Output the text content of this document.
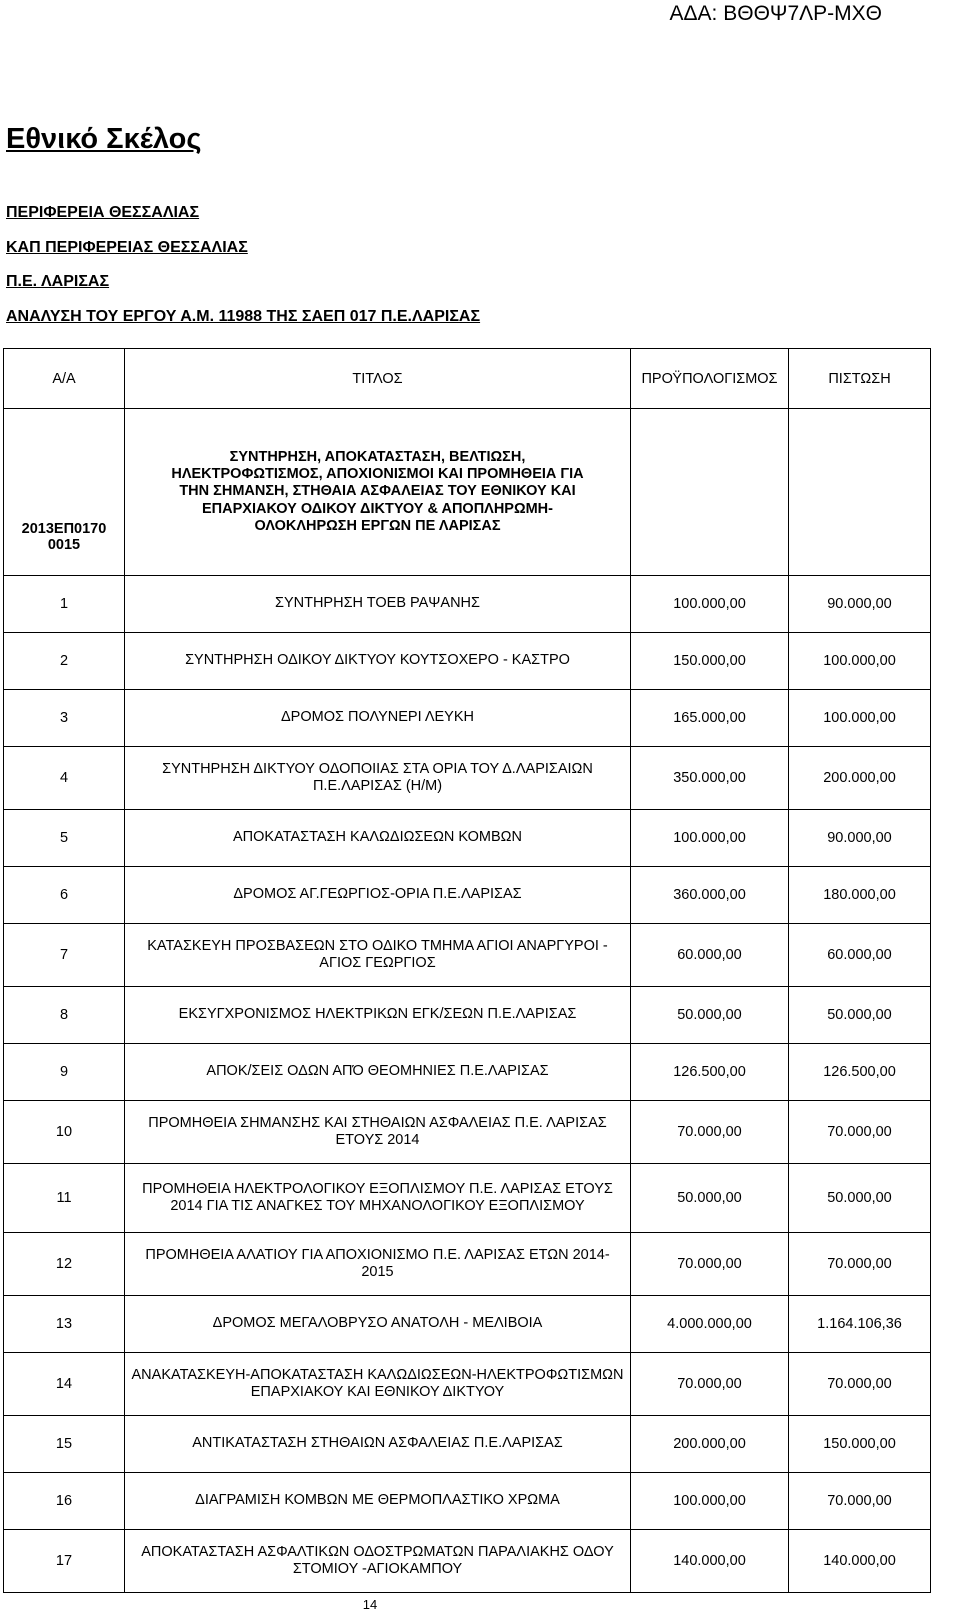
ΑΔΑ: ΒΘΘΨ7ΛΡ-ΜΧΘ
Εθνικό Σκέλος

ΠΕΡΙΦΕΡΕΙΑ ΘΕΣΣΑΛΙΑΣ

ΚΑΠ ΠΕΡΙΦΕΡΕΙΑΣ ΘΕΣΣΑΛΙΑΣ

Π.Ε. ΛΑΡΙΣΑΣ

ΑΝΑΛΥΣΗ ΤΟΥ ΕΡΓΟΥ Α.Μ. 11988 ΤΗΣ ΣΑΕΠ 017 Π.Ε.ΛΑΡΙΣΑΣ

Α/Α	ΤΙΤΛΟΣ	ΠΡΟΫΠΟΛΟΓΙΣΜΟΣ	ΠΙΣΤΩΣΗ
2013ΕΠ0170 0015	ΣΥΝΤΗΡΗΣΗ, ΑΠΟΚΑΤΑΣΤΑΣΗ, ΒΕΛΤΙΩΣΗ, ΗΛΕΚΤΡΟΦΩΤΙΣΜΟΣ, ΑΠΟΧΙΟΝΙΣΜΟΙ ΚΑΙ ΠΡΟΜΗΘΕΙΑ ΓΙΑ ΤΗΝ ΣΗΜΑΝΣΗ, ΣΤΗΘΑΙΑ ΑΣΦΑΛΕΙΑΣ ΤΟΥ ΕΘΝΙΚΟΥ ΚΑΙ ΕΠΑΡΧΙΑΚΟΥ ΟΔΙΚΟΥ ΔΙΚΤΥΟΥ & ΑΠΟΠΛΗΡΩΜΗ- ΟΛΟΚΛΗΡΩΣΗ ΕΡΓΩΝ ΠΕ ΛΑΡΙΣΑΣ		
1	ΣΥΝΤΗΡΗΣΗ ΤΟΕΒ ΡΑΨΑΝΗΣ	100.000,00	90.000,00
2	ΣΥΝΤΗΡΗΣΗ ΟΔΙΚΟΥ ΔΙΚΤΥΟΥ ΚΟΥΤΣΟΧΕΡΟ - ΚΑΣΤΡΟ	150.000,00	100.000,00
3	ΔΡΟΜΟΣ ΠΟΛΥΝΕΡΙ ΛΕΥΚΗ	165.000,00	100.000,00
4	ΣΥΝΤΗΡΗΣΗ ΔΙΚΤΥΟΥ ΟΔΟΠΟΙΙΑΣ ΣΤΑ ΟΡΙΑ ΤΟΥ Δ.ΛΑΡΙΣΑΙΩΝ Π.Ε.ΛΑΡΙΣΑΣ (Η/Μ)	350.000,00	200.000,00
5	ΑΠΟΚΑΤΑΣΤΑΣΗ ΚΑΛΩΔΙΩΣΕΩΝ ΚΟΜΒΩΝ	100.000,00	90.000,00
6	ΔΡΟΜΟΣ ΑΓ.ΓΕΩΡΓΙΟΣ-ΟΡΙΑ Π.Ε.ΛΑΡΙΣΑΣ	360.000,00	180.000,00
7	ΚΑΤΑΣΚΕΥΗ ΠΡΟΣΒΑΣΕΩΝ ΣΤΟ ΟΔΙΚΟ ΤΜΗΜΑ ΑΓΙΟΙ ΑΝΑΡΓΥΡΟΙ - ΑΓΙΟΣ ΓΕΩΡΓΙΟΣ	60.000,00	60.000,00
8	ΕΚΣΥΓΧΡΟΝΙΣΜΟΣ ΗΛΕΚΤΡΙΚΩΝ ΕΓΚ/ΣΕΩΝ Π.Ε.ΛΑΡΙΣΑΣ	50.000,00	50.000,00
9	ΑΠΟΚ/ΣΕΙΣ ΟΔΩΝ ΑΠΌ ΘΕΟΜΗΝΙΕΣ Π.Ε.ΛΑΡΙΣΑΣ	126.500,00	126.500,00
10	ΠΡΟΜΗΘΕΙΑ ΣΗΜΑΝΣΗΣ ΚΑΙ ΣΤΗΘΑΙΩΝ ΑΣΦΑΛΕΙΑΣ Π.Ε. ΛΑΡΙΣΑΣ ΕΤΟΥΣ 2014	70.000,00	70.000,00
11	ΠΡΟΜΗΘΕΙΑ ΗΛΕΚΤΡΟΛΟΓΙΚΟΥ ΕΞΟΠΛΙΣΜΟΥ Π.Ε. ΛΑΡΙΣΑΣ ΕΤΟΥΣ 2014 ΓΙΑ ΤΙΣ ΑΝΑΓΚΕΣ ΤΟΥ ΜΗΧΑΝΟΛΟΓΙΚΟΥ ΕΞΟΠΛΙΣΜΟΥ	50.000,00	50.000,00
12	ΠΡΟΜΗΘΕΙΑ ΑΛΑΤΙΟΥ ΓΙΑ ΑΠΟΧΙΟΝΙΣΜΟ Π.Ε. ΛΑΡΙΣΑΣ ΕΤΩΝ 2014-2015	70.000,00	70.000,00
13	ΔΡΟΜΟΣ ΜΕΓΑΛΟΒΡΥΣΟ ΑΝΑΤΟΛΗ - ΜΕΛΙΒΟΙΑ	4.000.000,00	1.164.106,36
14	ΑΝΑΚΑΤΑΣΚΕΥΗ-ΑΠΟΚΑΤΑΣΤΑΣΗ ΚΑΛΩΔΙΩΣΕΩΝ-ΗΛΕΚΤΡΟΦΩΤΙΣΜΩΝ ΕΠΑΡΧΙΑΚΟΥ ΚΑΙ ΕΘΝΙΚΟΥ ΔΙΚΤΥΟΥ	70.000,00	70.000,00
15	ΑΝΤΙΚΑΤΑΣΤΑΣΗ ΣΤΗΘΑΙΩΝ ΑΣΦΑΛΕΙΑΣ Π.Ε.ΛΑΡΙΣΑΣ	200.000,00	150.000,00
16	ΔΙΑΓΡΑΜΙΣΗ ΚΟΜΒΩΝ ΜΕ ΘΕΡΜΟΠΛΑΣΤΙΚΟ ΧΡΩΜΑ	100.000,00	70.000,00
17	ΑΠΟΚΑΤΑΣΤΑΣΗ ΑΣΦΑΛΤΙΚΩΝ ΟΔΟΣΤΡΩΜΑΤΩΝ ΠΑΡΑΛΙΑΚΗΣ ΟΔΟΥ ΣΤΟΜΙΟΥ -ΑΓΙΟΚΑΜΠΟΥ	140.000,00	140.000,00
14
